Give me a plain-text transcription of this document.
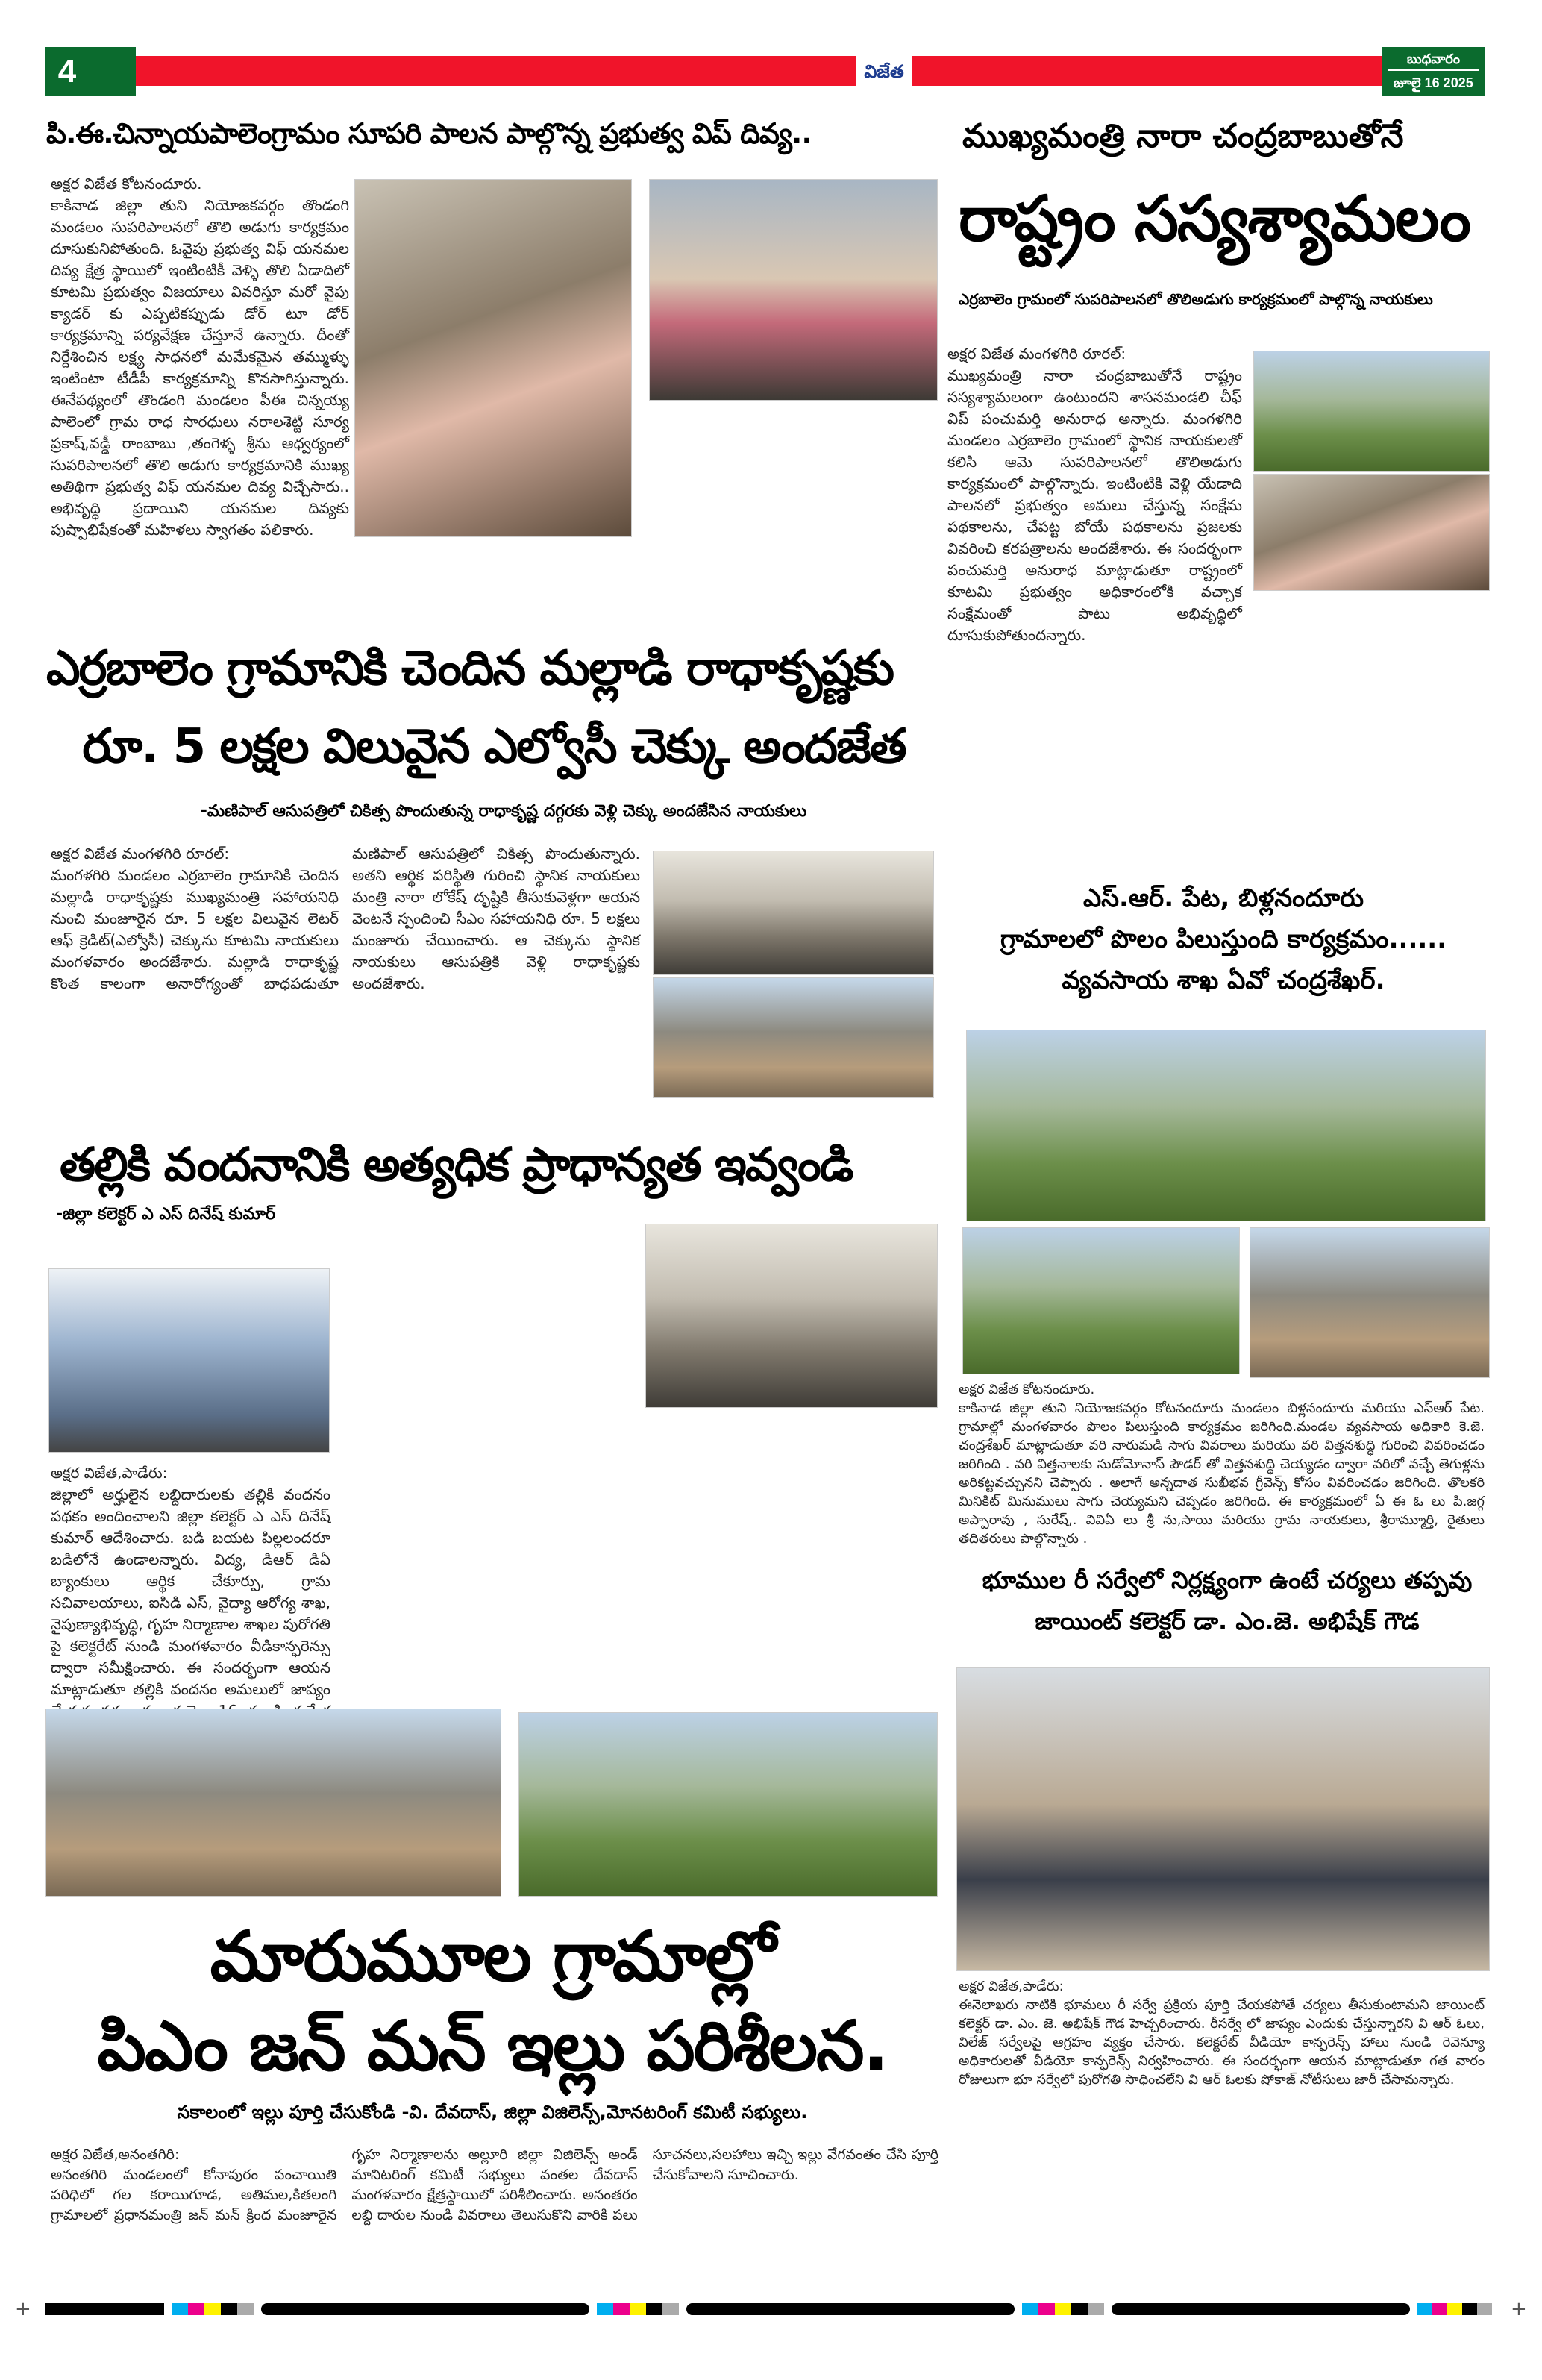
4	విజేత
బుధవారం
జూలై 16 2025
పి.ఈ.చిన్నాయపాలెంగ్రామం సూపరి పాలన పాల్గొన్న ప్రభుత్వ విప్ దివ్య..
అక్షర విజేత కోటనందూరు.

కాకినాడ జిల్లా తుని నియోజకవర్గం తొండంగి మండలం సుపరిపాలనలో తొలి అడుగు కార్యక్రమం దూసుకునిపోతుంది. ఓవైపు ప్రభుత్వ విఫ్ యనమల దివ్య క్షేత్ర స్థాయిలో ఇంటింటికీ వెళ్ళి తొలి ఏడాదిలో కూటమి ప్రభుత్వం విజయాలు వివరిస్తూ మరో వైపు క్యాడర్ కు ఎప్పటికప్పుడు డోర్ టూ డోర్ కార్యక్రమాన్ని పర్యవేక్షణ చేస్తూనే ఉన్నారు. దీంతో నిర్దేశించిన లక్ష్య సాధనలో మమేకమైన తమ్ముళ్ళు ఇంటింటా టీడీపీ కార్యక్రమాన్ని కొనసాగిస్తున్నారు. ఈనేపథ్యంలో తొండంగి మండలం పీఈ చిన్నయ్య పాలెంలో గ్రామ రాధ సారధులు నరాలశెట్టి సూర్య ప్రకాష్,వడ్డీ రాంబాబు ,తంగెళ్ళ శ్రీను ఆధ్వర్యంలో సుపరిపాలనలో తొలి అడుగు కార్యక్రమానికి ముఖ్య అతిథిగా ప్రభుత్వ విఫ్ యనమల దివ్య విచ్చేసారు.. అభివృద్ధి ప్రదాయిని యనమల దివ్యకు పుష్పాభిషేకంతో మహిళలు స్వాగతం పలికారు.

ముఖ్యమంత్రి నారా చంద్రబాబుతోనే
రాష్ట్రం సస్యశ్యామలం
ఎర్రబాలెం గ్రామంలో సుపరిపాలనలో తొలిఅడుగు కార్యక్రమంలో పాల్గొన్న నాయకులు
అక్షర విజేత మంగళగిరి రూరల్:

ముఖ్యమంత్రి నారా చంద్రబాబుతోనే రాష్ట్రం సస్యశ్యామలంగా ఉంటుందని శాసనమండలి చీఫ్ విప్ పంచుమర్తి అనురాధ అన్నారు. మంగళగిరి మండలం ఎర్రబాలెం గ్రామంలో స్థానిక నాయకులతో కలిసి ఆమె సుపరిపాలనలో తొలిఅడుగు కార్యక్రమంలో పాల్గొన్నారు. ఇంటింటికి వెళ్లి యేడాది పాలనలో ప్రభుత్వం అమలు చేస్తున్న సంక్షేమ పథకాలను, చేపట్ట బోయే పథకాలను ప్రజలకు వివరించి కరపత్రాలను అందజేశారు. ఈ సందర్భంగా పంచుమర్తి అనురాధ మాట్లాడుతూ రాష్ట్రంలో కూటమి ప్రభుత్వం అధికారంలోకి వచ్చాక సంక్షేమంతో పాటు అభివృద్ధిలో దూసుకుపోతుందన్నారు.

ఎర్రబాలెం గ్రామానికి చెందిన మల్లాడి రాధాకృష్ణకు
రూ. 5 లక్షల విలువైన ఎల్వోసీ చెక్కు అందజేత
-మణిపాల్ ఆసుపత్రిలో చికిత్స పొందుతున్న రాధాకృష్ణ దగ్గరకు వెళ్లి చెక్కు అందజేసిన నాయకులు
అక్షర విజేత మంగళగిరి రూరల్:

మంగళగిరి మండలం ఎర్రబాలెం గ్రామానికి చెందిన మల్లాడి రాధాకృష్ణకు ముఖ్యమంత్రి సహాయనిధి నుంచి మంజూరైన రూ. 5 లక్షల విలువైన లెటర్ ఆఫ్ క్రెడిట్(ఎల్వోసీ) చెక్కును కూటమి నాయకులు మంగళవారం అందజేశారు. మల్లాడి రాధాకృష్ణ కొంత కాలంగా అనారోగ్యంతో బాధపడుతూ మణిపాల్ ఆసుపత్రిలో చికిత్స పొందుతున్నారు. అతని ఆర్థిక పరిస్థితి గురించి స్థానిక నాయకులు మంత్రి నారా లోకేష్ దృష్టికి తీసుకువెళ్లగా ఆయన వెంటనే స్పందించి సీఎం సహాయనిధి రూ. 5 లక్షలు మంజూరు చేయించారు. ఆ చెక్కును స్థానిక నాయకులు ఆసుపత్రికి వెళ్లి రాధాకృష్ణకు అందజేశారు.

ఎస్.ఆర్. పేట, బిళ్లనందూరు
గ్రామాలలో పొలం పిలుస్తుంది కార్యక్రమం......
వ్యవసాయ శాఖ ఏవో చంద్రశేఖర్.
అక్షర విజేత కోటనందూరు.

కాకినాడ జిల్లా తుని నియోజకవర్గం కోటనందూరు మండలం బిళ్లనందూరు మరియు ఎస్ఆర్ పేట. గ్రామాల్లో మంగళవారం పొలం పిలుస్తుంది కార్యక్రమం జరిగింది.మండల వ్యవసాయ అధికారి కె.జె. చంద్రశేఖర్ మాట్లాడుతూ వరి నారుమడి సాగు వివరాలు మరియు వరి విత్తనశుద్ధి గురించి వివరించడం జరిగింది . వరి విత్తనాలకు సుడోమోనాస్ పౌడర్ తో విత్తనశుద్ధి చెయ్యడం ద్వారా వరిలో వచ్చే తెగుళ్లను అరికట్టవచ్చునని చెప్పారు . అలాగే అన్నదాత సుఖీభవ గ్రీవెన్స్ కోసం వివరించడం జరిగింది. తొలకరి మినికిట్ మినుములు సాగు చెయ్యమని చెప్పడం జరిగింది. ఈ కార్యక్రమంలో ఏ ఈ ఓ లు పి.జగ్గ అప్పారావు , సురేష్,. వివిఏ లు శ్రీ ను,సాయి మరియు గ్రామ నాయకులు, శ్రీరామ్మూర్తి, రైతులు తదితరులు పాల్గొన్నారు .

తల్లికి వందనానికి అత్యధిక ప్రాధాన్యత ఇవ్వండి
-జిల్లా కలెక్టర్ ఎ ఎస్ దినేష్ కుమార్
అక్షర విజేత,పాడేరు:

జిల్లాలో అర్హులైన లబ్దిదారులకు తల్లికి వందనం పథకం అందించాలని జిల్లా కలెక్టర్ ఎ ఎస్ దినేష్ కుమార్ ఆదేశించారు. బడి బయట పిల్లలందరూ బడిలోనే ఉండాలన్నారు. విద్య, డిఆర్ డిఏ బ్యాంకులు ఆర్థిక చేకూర్పు, గ్రామ సచివాలయాలు, ఐసిడి ఎస్, వైద్యా ఆరోగ్య శాఖ, నైపుణ్యాభివృద్ధి, గృహ నిర్మాణాల శాఖల పురోగతి పై కలెక్టరేట్ నుండి మంగళవారం వీడికాన్ఫరెన్సు ద్వారా సమీక్షించారు. ఈ సందర్భంగా ఆయన మాట్లాడుతూ తల్లికి వందనం అమలులో జాప్యం

భూముల రీ సర్వేలో నిర్లక్ష్యంగా ఉంటే చర్యలు తప్పవు
జాయింట్ కలెక్టర్ డా. ఎం.జె. అభిషేక్ గౌడ
అక్షర విజేత,పాడేరు:

ఈనెలాఖరు నాటికి భూమలు రీ సర్వే ప్రక్రియ పూర్తి చేయకపోతే చర్యలు తీసుకుంటామని జాయింట్ కలెక్టర్ డా. ఎం. జె. అభిషేక్ గౌడ హెచ్చరించారు. రీసర్వే లో జాప్యం ఎందుకు చేస్తున్నారని వి ఆర్ ఓలు, విలేజ్ సర్వేలపై ఆగ్రహం వ్యక్తం చేసారు. కలెక్టరేట్ వీడియో కాన్ఫరెన్స్ హాలు నుండి రెవెన్యూ అధికారులతో వీడియో కాన్ఫరెన్స్ నిర్వహించారు. ఈ సందర్భంగా ఆయన మాట్లాడుతూ గత వారం రోజులుగా భూ సర్వేలో పురోగతి సాధించలేని వి ఆర్ ఓలకు షోకాజ్ నోటీసులు జారీ చేసామన్నారు.

మారుమూల గ్రామాల్లో
పిఎం జన్ మన్ ఇల్లు పరిశీలన.
సకాలంలో ఇల్లు పూర్తి చేసుకోండి -వి. దేవదాస్, జిల్లా విజిలెన్స్,మోనటరింగ్ కమిటీ సభ్యులు.
అక్షర విజేత,అనంతగిరి:

అనంతగిరి మండలంలో కోనాపురం పంచాయితి పరిధిలో గల కరాయిగూడ, అతిమల,కితలంగి గ్రామాలలో ప్రధానమంత్రి జన్ మన్ క్రింద మంజూరైన గృహ నిర్మాణాలను అల్లూరి జిల్లా విజిలెన్స్ అండ్ మానిటరింగ్ కమిటీ సభ్యులు వంతల దేవదాస్ మంగళవారం క్షేత్రస్థాయిలో పరిశీలించారు. అనంతరం లబ్ది దారుల నుండి వివరాలు తెలుసుకొని వారికి పలు సూచనలు,సలహాలు ఇచ్చి ఇల్లు వేగవంతం చేసి పూర్తి చేసుకోవాలని సూచించారు.

+	+
